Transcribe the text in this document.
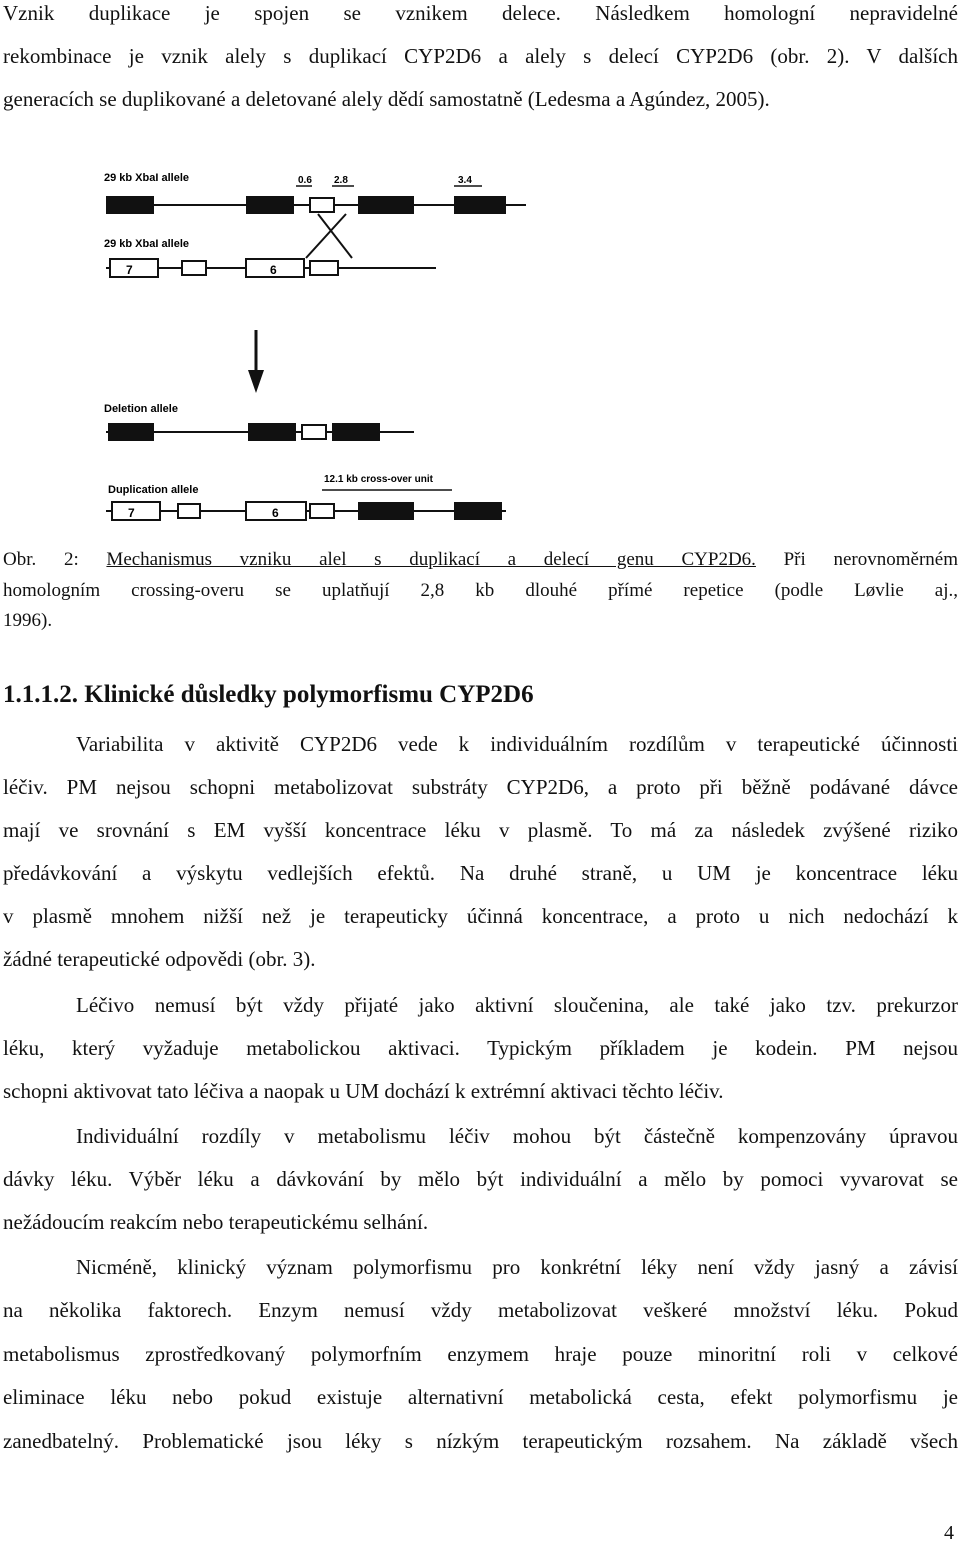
Vznik duplikace je spojen se vznikem delece. Následkem homologní nepravidelné
rekombinace je vznik alely s duplikací CYP2D6 a alely s delecí CYP2D6 (obr. 2). V dalších
generacích se duplikované a deletované alely dědí samostatně (Ledesma a Agúndez, 2005).
29 kb XbaI allele	0.6 2.8	3.4
29 kb XbaI allele
7	6
Deletion allele
Duplication allele
12.1 kb cross-over unit
7	6
Obr. 2: Mechanismus vzniku alel s duplikací a delecí genu CYP2D6. Při nerovnoměrném
homologním crossing-overu se uplatňují 2,8 kb dlouhé přímé repetice (podle Løvlie aj.,
1996).
1.1.1.2. Klinické důsledky polymorfismu CYP2D6
Variabilita v aktivitě CYP2D6 vede k individuálním rozdílům v terapeutické účinnosti
léčiv. PM nejsou schopni metabolizovat substráty CYP2D6, a proto při běžně podávané dávce
mají ve srovnání s EM vyšší koncentrace léku v plasmě. To má za následek zvýšené riziko
předávkování a výskytu vedlejších efektů. Na druhé straně, u UM je koncentrace léku
v plasmě mnohem nižší než je terapeuticky účinná koncentrace, a proto u nich nedochází k
žádné terapeutické odpovědi (obr. 3).
Léčivo nemusí být vždy přijaté jako aktivní sloučenina, ale také jako tzv. prekurzor
léku, který vyžaduje metabolickou aktivaci. Typickým příkladem je kodein. PM nejsou
schopni aktivovat tato léčiva a naopak u UM dochází k extrémní aktivaci těchto léčiv.
Individuální rozdíly v metabolismu léčiv mohou být částečně kompenzovány úpravou
dávky léku. Výběr léku a dávkování by mělo být individuální a mělo by pomoci vyvarovat se
nežádoucím reakcím nebo terapeutickému selhání.
Nicméně, klinický význam polymorfismu pro konkrétní léky není vždy jasný a závisí
na několika faktorech. Enzym nemusí vždy metabolizovat veškeré množství léku. Pokud
metabolismus zprostředkovaný polymorfním enzymem hraje pouze minoritní roli v celkové
eliminace léku nebo pokud existuje alternativní metabolická cesta, efekt polymorfismu je
zanedbatelný. Problematické jsou léky s nízkým terapeutickým rozsahem. Na základě všech
4
